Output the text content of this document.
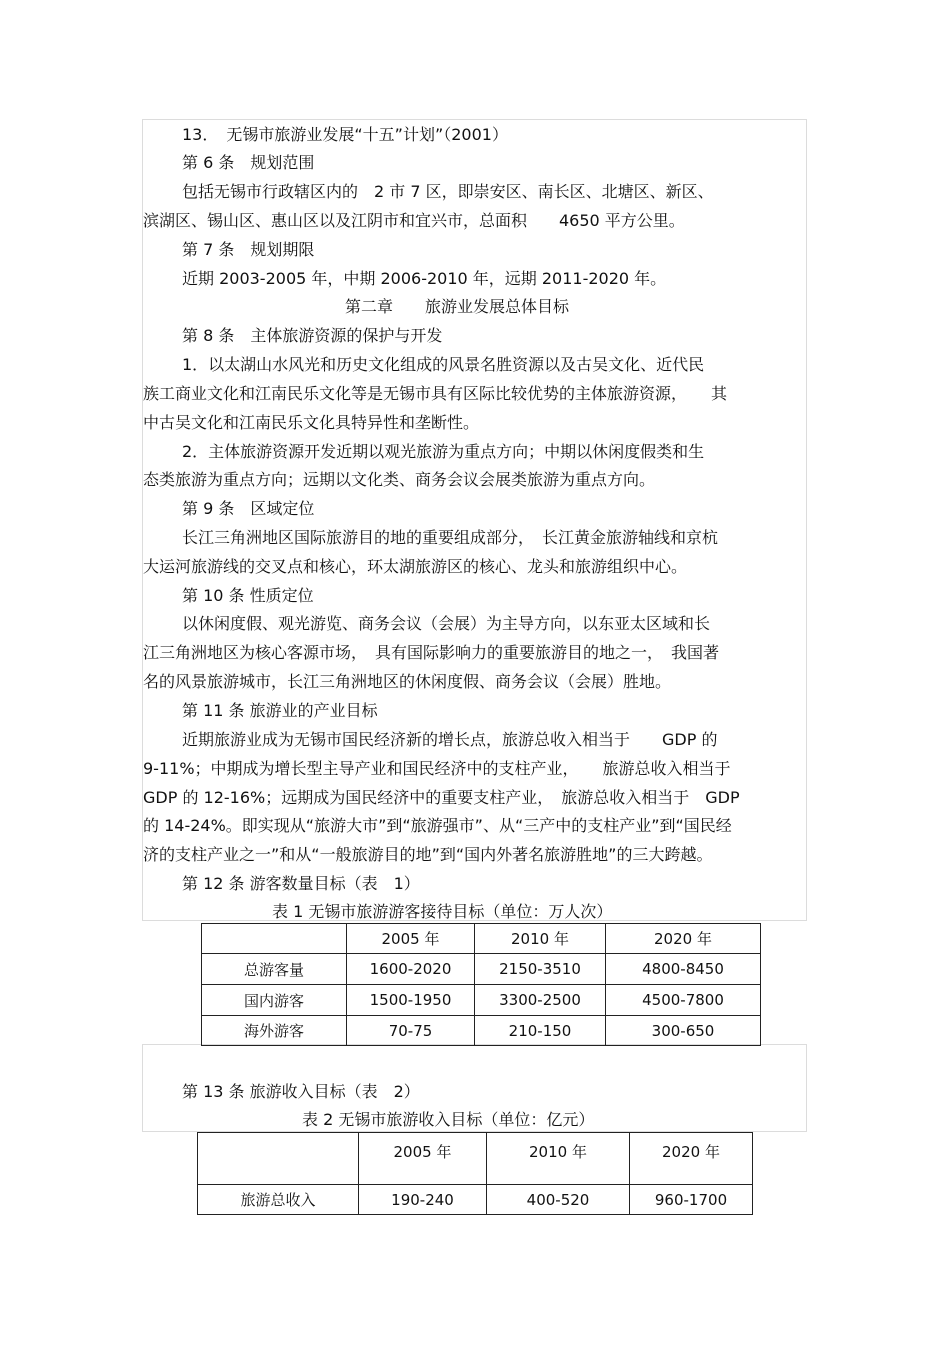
13．　无锡市旅游业发展“十五”计划”（2001）
第 6 条　规划范围
包括无锡市行政辖区内的　2 市 7 区，即崇安区、南长区、北塘区、新区、
滨湖区、锡山区、惠山区以及江阴市和宜兴市，总面积　　4650 平方公里。
第 7 条　规划期限
近期 2003-2005 年，中期 2006-2010 年，远期 2011-2020 年。
第二章　　旅游业发展总体目标
第 8 条　主体旅游资源的保护与开发
1．以太湖山水风光和历史文化组成的风景名胜资源以及古吴文化、近代民
族工商业文化和江南民乐文化等是无锡市具有区际比较优势的主体旅游资源，　　其
中古吴文化和江南民乐文化具特异性和垄断性。
2．主体旅游资源开发近期以观光旅游为重点方向；中期以休闲度假类和生
态类旅游为重点方向；远期以文化类、商务会议会展类旅游为重点方向。
第 9 条　区域定位
长江三角洲地区国际旅游目的地的重要组成部分，　长江黄金旅游轴线和京杭
大运河旅游线的交叉点和核心，环太湖旅游区的核心、龙头和旅游组织中心。
第 10 条 性质定位
以休闲度假、观光游览、商务会议（会展）为主导方向，以东亚太区域和长
江三角洲地区为核心客源市场，　具有国际影响力的重要旅游目的地之一，　我国著
名的风景旅游城市，长江三角洲地区的休闲度假、商务会议（会展）胜地。
第 11 条 旅游业的产业目标
近期旅游业成为无锡市国民经济新的增长点，旅游总收入相当于　　GDP 的
9-11%；中期成为增长型主导产业和国民经济中的支柱产业，　　旅游总收入相当于
GDP 的 12-16%；远期成为国民经济中的重要支柱产业，　旅游总收入相当于　GDP
的 14-24%。即实现从“旅游大市”到“旅游强市”、从“三产中的支柱产业”到“国民经
济的支柱产业之一”和从“一般旅游目的地”到“国内外著名旅游胜地”的三大跨越。
第 12 条 游客数量目标（表　1）
表 1 无锡市旅游游客接待目标（单位：万人次）
	2005 年	2010 年	2020 年
总游客量	1600-2020	2150-3510	4800-8450
国内游客	1500-1950	3300-2500	4500-7800
海外游客	70-75	210-150	300-650
第 13 条 旅游收入目标（表　2）
表 2 无锡市旅游收入目标（单位：亿元）
	2005 年	2010 年	2020 年
旅游总收入	190-240	400-520	960-1700
